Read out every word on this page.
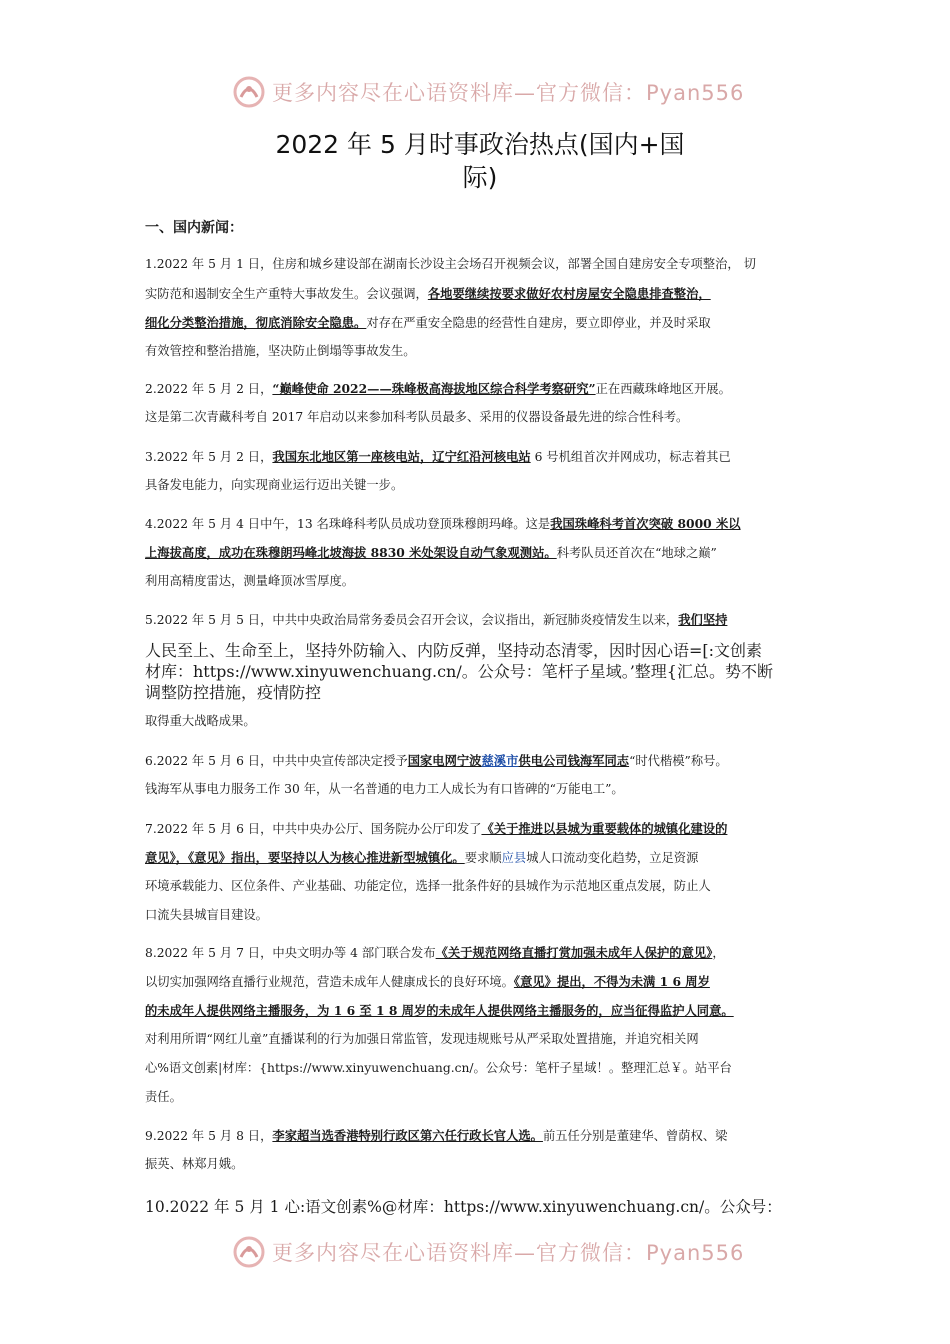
更多内容尽在心语资料库—官方微信：Pyan556
2022 年 5 月时事政治热点(国内+国
际)
一、国内新闻：
1.2022 年 5 月 1 日，住房和城乡建设部在湖南长沙设主会场召开视频会议，部署全国自建房安全专项整治， 切
实防范和遏制安全生产重特大事故发生。会议强调，各地要继续按要求做好农村房屋安全隐患排查整治，
细化分类整治措施，彻底消除安全隐患。对存在严重安全隐患的经营性自建房，要立即停业，并及时采取
有效管控和整治措施，坚决防止倒塌等事故发生。
2.2022 年 5 月 2 日，“巅峰使命 2022——珠峰极高海拔地区综合科学考察研究”正在西藏珠峰地区开展。
这是第二次青藏科考自 2017 年启动以来参加科考队员最多、采用的仪器设备最先进的综合性科考。
3.2022 年 5 月 2 日，我国东北地区第一座核电站，辽宁红沿河核电站 6 号机组首次并网成功，标志着其已
具备发电能力，向实现商业运行迈出关键一步。
4.2022 年 5 月 4 日中午，13 名珠峰科考队员成功登顶珠穆朗玛峰。这是我国珠峰科考首次突破 8000 米以
上海拔高度，成功在珠穆朗玛峰北坡海拔 8830 米处架设自动气象观测站。科考队员还首次在“地球之巅”
利用高精度雷达，测量峰顶冰雪厚度。
5.2022 年 5 月 5 日，中共中央政治局常务委员会召开会议，会议指出，新冠肺炎疫情发生以来，我们坚持
人民至上、生命至上，坚持外防输入、内防反弹，坚持动态清零，因时因心语=[:文创素
材库：https://www.xinyuwenchuang.cn/。公众号：笔杆子星域。’整理{汇总。势不断
调整防控措施，疫情防控
取得重大战略成果。
6.2022 年 5 月 6 日，中共中央宣传部决定授予国家电网宁波慈溪市供电公司钱海军同志“时代楷模”称号。
钱海军从事电力服务工作 30 年，从一名普通的电力工人成长为有口皆碑的“万能电工”。
7.2022 年 5 月 6 日，中共中央办公厅、国务院办公厅印发了《关于推进以县城为重要载体的城镇化建设的
意见》，《意见》指出，要坚持以人为核心推进新型城镇化。要求顺应县城人口流动变化趋势，立足资源
环境承载能力、区位条件、产业基础、功能定位，选择一批条件好的县城作为示范地区重点发展，防止人
口流失县城盲目建设。
8.2022 年 5 月 7 日，中央文明办等 4 部门联合发布《关于规范网络直播打赏加强未成年人保护的意见》，
以切实加强网络直播行业规范，营造未成年人健康成长的良好环境。《意见》提出，不得为未满 1 6 周岁
的未成年人提供网络主播服务，为 1 6 至 1 8 周岁的未成年人提供网络主播服务的，应当征得监护人同意。
对利用所谓“网红儿童”直播谋利的行为加强日常监管，发现违规账号从严采取处置措施，并追究相关网
心%语文创素|材库：{https://www.xinyuwenchuang.cn/。公众号：笔杆子星域！。整理汇总￥。站平台
责任。
9.2022 年 5 月 8 日，李家超当选香港特别行政区第六任行政长官人选。前五任分别是董建华、曾荫权、梁
振英、林郑月娥。
10.2022 年 5 月 1 心:语文创素%@材库：https://www.xinyuwenchuang.cn/。公众号：
更多内容尽在心语资料库—官方微信：Pyan556
